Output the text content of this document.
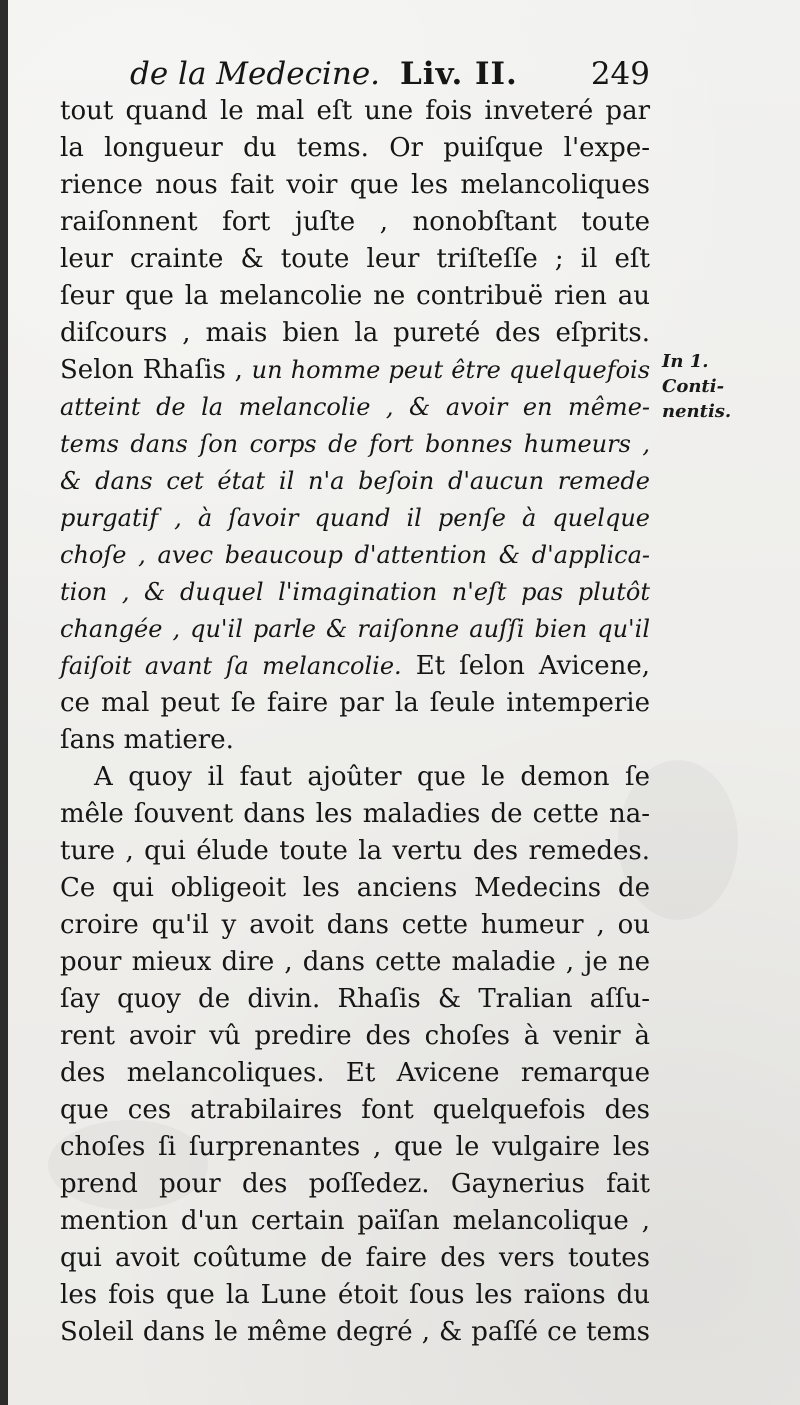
de la Medecine. Liv. II. 249
In 1.
Conti-
nentis.
tout quand le mal eſt une fois inveteré par
la longueur du tems. Or puiſque l'expe-
rience nous fait voir que les melancoliques
raiſonnent fort juſte , nonobſtant toute
leur crainte & toute leur triſteſſe ; il eſt
ſeur que la melancolie ne contribuë rien au
diſcours , mais bien la pureté des eſprits.
Selon Rhaſis , un homme peut être quelquefois
atteint de la melancolie , & avoir en même-
tems dans ſon corps de fort bonnes humeurs ,
& dans cet état il n'a beſoin d'aucun remede
purgatif , à ſavoir quand il penſe à quelque
choſe , avec beaucoup d'attention & d'applica-
tion , & duquel l'imagination n'eſt pas plutôt
changée , qu'il parle & raiſonne auſſi bien qu'il
faiſoit avant ſa melancolie. Et ſelon Avicene,
ce mal peut ſe faire par la ſeule intemperie
ſans matiere.
A quoy il faut ajoûter que le demon ſe
mêle ſouvent dans les maladies de cette na-
ture , qui élude toute la vertu des remedes.
Ce qui obligeoit les anciens Medecins de
croire qu'il y avoit dans cette humeur , ou
pour mieux dire , dans cette maladie , je ne
ſay quoy de divin. Rhaſis & Tralian aſſu-
rent avoir vû predire des choſes à venir à
des melancoliques. Et Avicene remarque
que ces atrabilaires font quelquefois des
choſes ſi ſurprenantes , que le vulgaire les
prend pour des poſſedez. Gaynerius fait
mention d'un certain païſan melancolique ,
qui avoit coûtume de faire des vers toutes
les fois que la Lune étoit ſous les raïons du
Soleil dans le même degré , & paſſé ce tems
